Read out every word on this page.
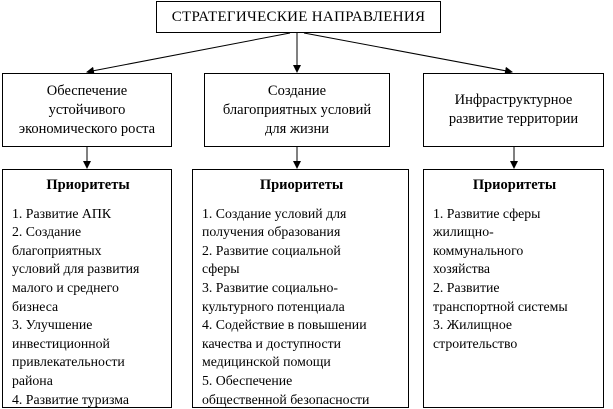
СТРАТЕГИЧЕСКИЕ НАПРАВЛЕНИЯ
Обеспечение
устойчивого
экономического роста
Создание
благоприятных условий
для жизни
Инфраструктурное
развитие территории
Приоритеты
1. Развитие АПК
2. Создание
благоприятных
условий для развития
малого и среднего
бизнеса
3. Улучшение
инвестиционной
привлекательности
района
4. Развитие туризма
Приоритеты
1. Создание условий для
получения образования
2. Развитие социальной
сферы
3. Развитие социально-
культурного потенциала
4. Содействие в повышении
качества и доступности
медицинской помощи
5. Обеспечение
общественной безопасности
Приоритеты
1. Развитие сферы
жилищно-
коммунального
хозяйства
2. Развитие
транспортной системы
3. Жилищное
строительство
